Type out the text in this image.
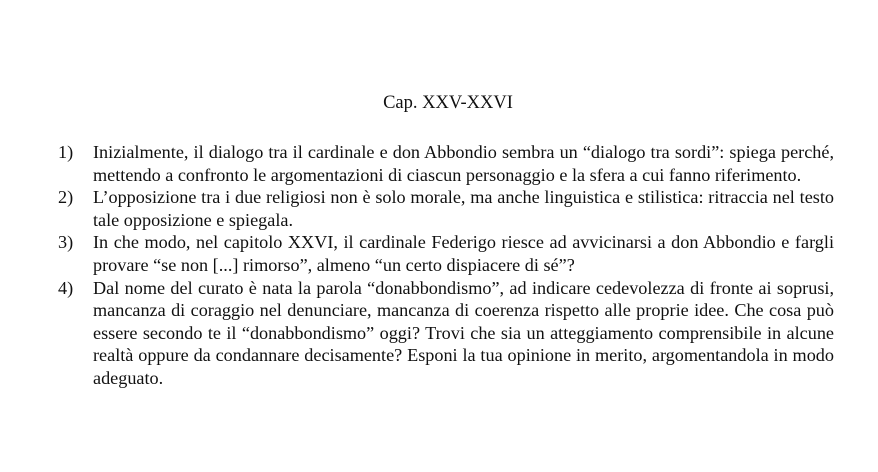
Cap. XXV-XXVI
1)	Inizialmente, il dialogo tra il cardinale e don Abbondio sembra un “dialogo tra sordi”: spiega perché, mettendo a confronto le argomentazioni di ciascun personaggio e la sfera a cui fanno riferimento.
2)	L’opposizione tra i due religiosi non è solo morale, ma anche linguistica e stilistica: ritraccia nel testo tale opposizione e spiegala.
3)	In che modo, nel capitolo XXVI, il cardinale Federigo riesce ad avvicinarsi a don Abbondio e fargli provare “se non [...] rimorso”, almeno “un certo dispiacere di sé”?
4)	Dal nome del curato è nata la parola “donabbondismo”, ad indicare cedevolezza di fronte ai soprusi, mancanza di coraggio nel denunciare, mancanza di coerenza rispetto alle proprie idee. Che cosa può essere secondo te il “donabbondismo” oggi? Trovi che sia un atteggiamento comprensibile in alcune realtà oppure da condannare decisamente? Esponi la tua opinione in merito, argomentandola in modo adeguato.
